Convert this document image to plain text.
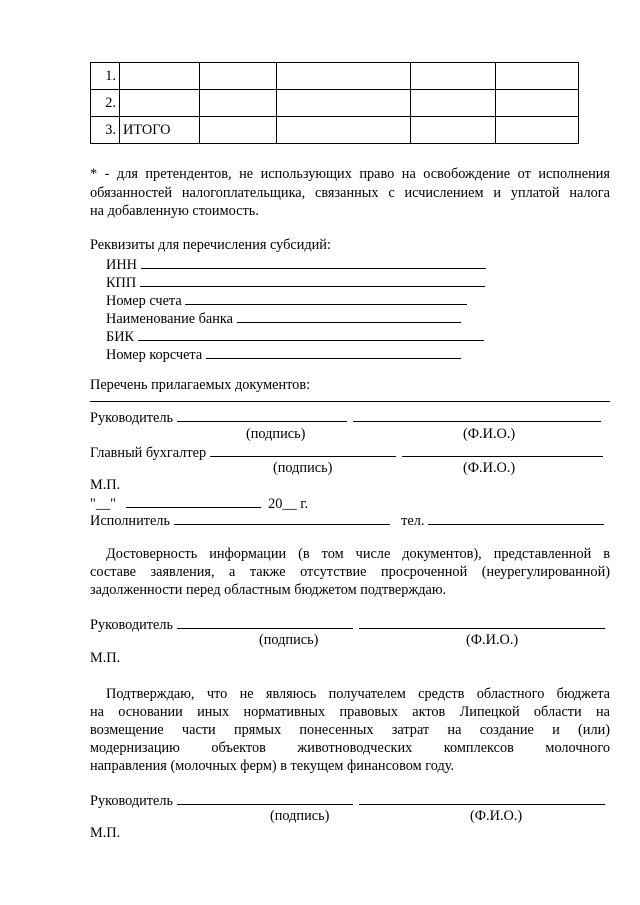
1.					
2.					
3.	ИТОГО				
* - для претендентов, не использующих право на освобождение от исполнения
обязанностей налогоплательщика, связанных с исчислением и уплатой налога
на добавленную стоимость.
Реквизиты для перечисления субсидий:
ИНН
КПП
Номер счета
Наименование банка
БИК
Номер корсчета
Перечень прилагаемых документов:
Руководитель
(подпись)	(Ф.И.О.)
Главный бухгалтер
(подпись)	(Ф.И.О.)
М.П.
"__"	20__ г.
Исполнитель	тел.
Достоверность информации (в том числе документов), представленной в
составе заявления, а также отсутствие просроченной (неурегулированной)
задолженности перед областным бюджетом подтверждаю.
Руководитель
(подпись)	(Ф.И.О.)
М.П.
Подтверждаю, что не являюсь получателем средств областного бюджета
на основании иных нормативных правовых актов Липецкой области на
возмещение части прямых понесенных затрат на создание и (или)
модернизацию объектов животноводческих комплексов молочного
направления (молочных ферм) в текущем финансовом году.
Руководитель
(подпись)	(Ф.И.О.)
М.П.
